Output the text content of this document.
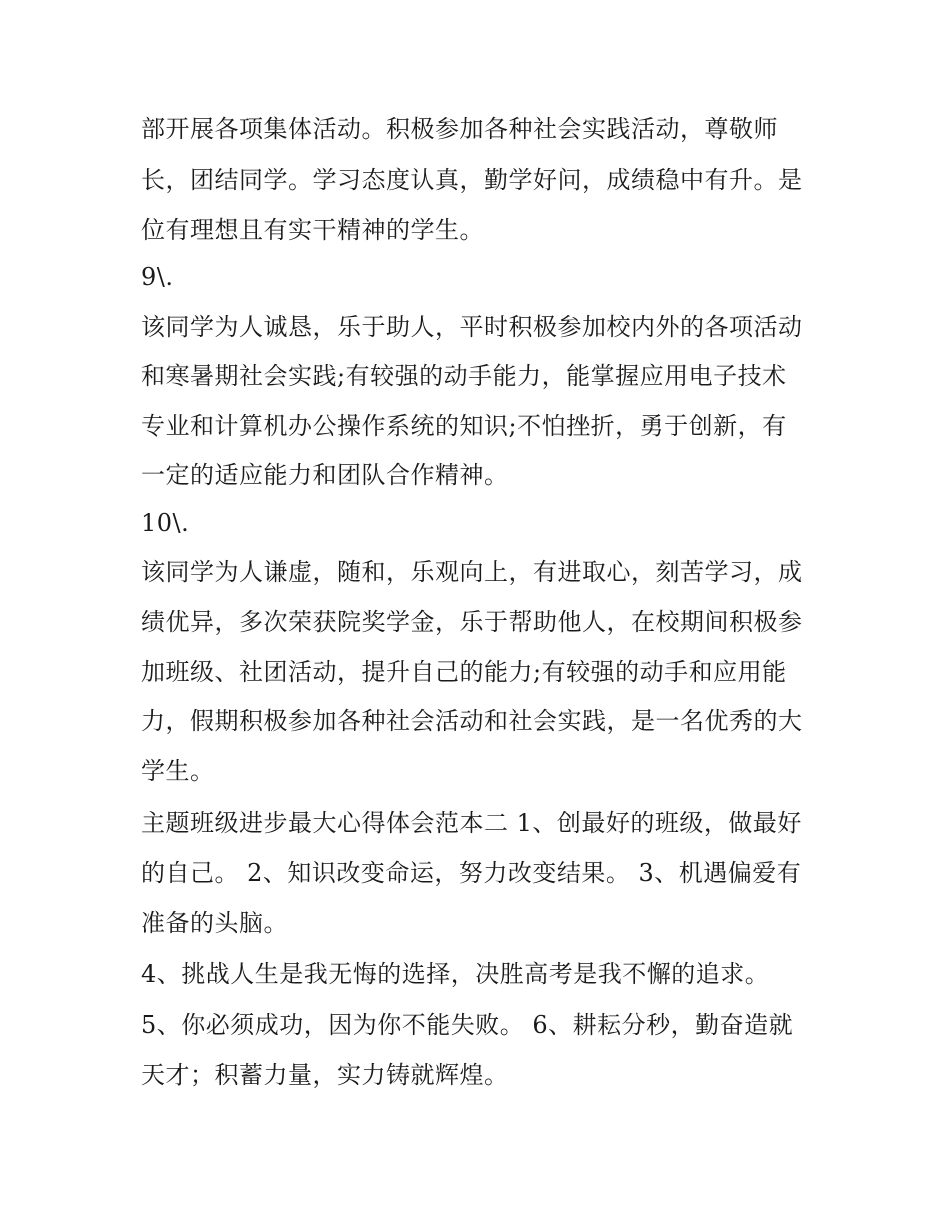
部开展各项集体活动。积极参加各种社会实践活动，尊敬师
长，团结同学。学习态度认真，勤学好问，成绩稳中有升。是
位有理想且有实干精神的学生。
9\.
该同学为人诚恳，乐于助人，平时积极参加校内外的各项活动
和寒暑期社会实践;有较强的动手能力，能掌握应用电子技术
专业和计算机办公操作系统的知识;不怕挫折，勇于创新，有
一定的适应能力和团队合作精神。
10\.
该同学为人谦虚，随和，乐观向上，有进取心，刻苦学习，成
绩优异，多次荣获院奖学金，乐于帮助他人，在校期间积极参
加班级、社团活动，提升自己的能力;有较强的动手和应用能
力，假期积极参加各种社会活动和社会实践，是一名优秀的大
学生。
主题班级进步最大心得体会范本二 1、创最好的班级，做最好
的自己。 2、知识改变命运，努力改变结果。 3、机遇偏爱有
准备的头脑。
4、挑战人生是我无悔的选择，决胜高考是我不懈的追求。
5、你必须成功，因为你不能失败。 6、耕耘分秒，勤奋造就
天才；积蓄力量，实力铸就辉煌。
